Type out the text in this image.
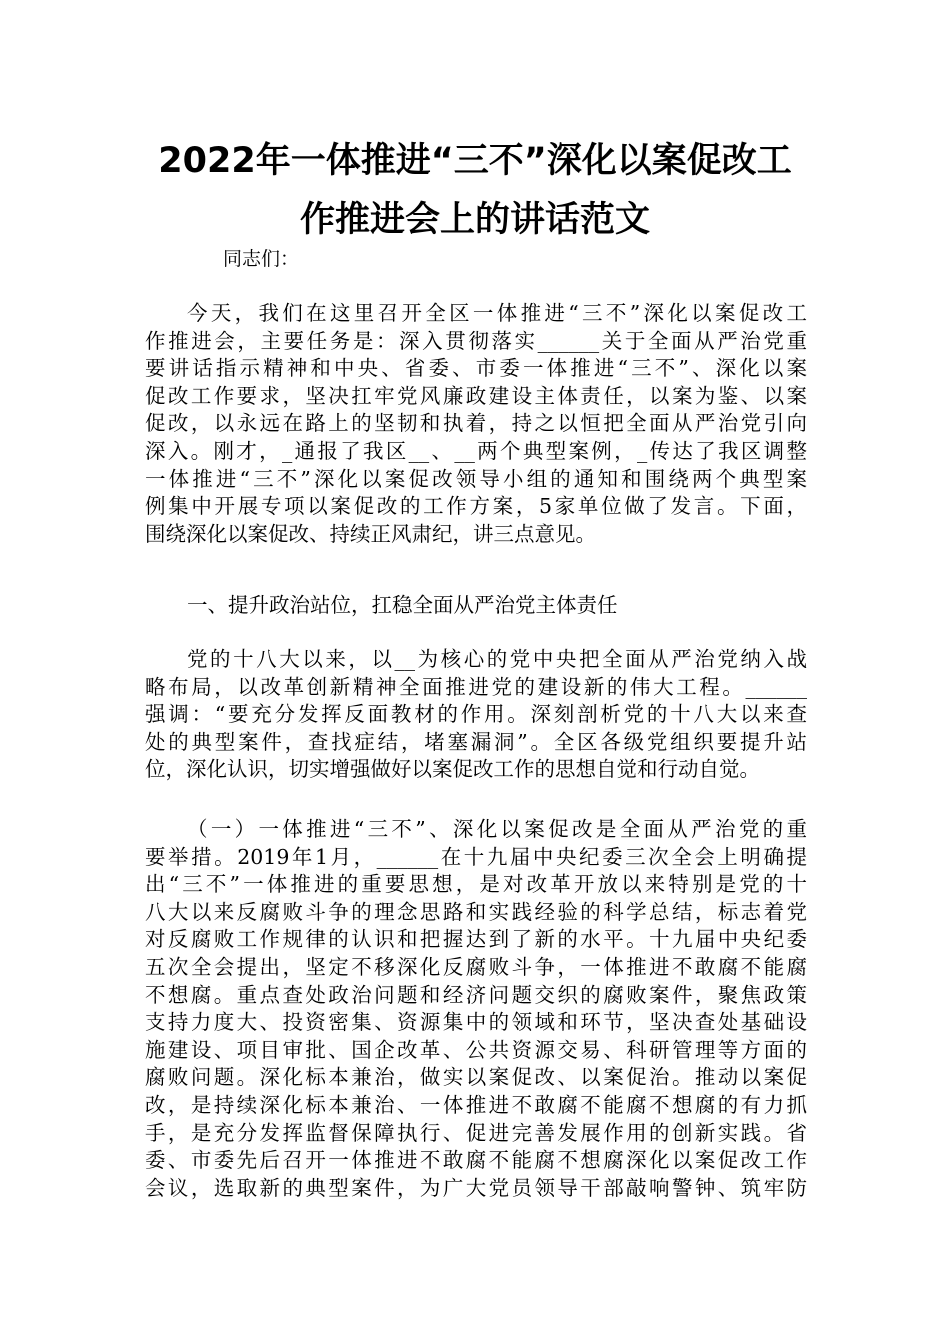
2022年一体推进“三不”深化以案促改工
作推进会上的讲话范文

同志们：

今天，我们在这里召开全区一体推进“三不”深化以案促改工
作推进会，主要任务是：深入贯彻落实______关于全面从严治党重
要讲话指示精神和中央、省委、市委一体推进“三不”、深化以案
促改工作要求，坚决扛牢党风廉政建设主体责任，以案为鉴、以案
促改，以永远在路上的坚韧和执着，持之以恒把全面从严治党引向
深入。刚才，_通报了我区__、__两个典型案例，_传达了我区调整
一体推进“三不”深化以案促改领导小组的通知和围绕两个典型案
例集中开展专项以案促改的工作方案，5家单位做了发言。下面，
围绕深化以案促改、持续正风肃纪，讲三点意见。

一、提升政治站位，扛稳全面从严治党主体责任

党的十八大以来，以__为核心的党中央把全面从严治党纳入战
略布局，以改革创新精神全面推进党的建设新的伟大工程。______
强调：“要充分发挥反面教材的作用。深刻剖析党的十八大以来查
处的典型案件，查找症结，堵塞漏洞”。全区各级党组织要提升站
位，深化认识，切实增强做好以案促改工作的思想自觉和行动自觉。
（一）一体推进“三不”、深化以案促改是全面从严治党的重
要举措。2019年1月，______在十九届中央纪委三次全会上明确提
出“三不”一体推进的重要思想，是对改革开放以来特别是党的十
八大以来反腐败斗争的理念思路和实践经验的科学总结，标志着党
对反腐败工作规律的认识和把握达到了新的水平。十九届中央纪委
五次全会提出，坚定不移深化反腐败斗争，一体推进不敢腐不能腐
不想腐。重点查处政治问题和经济问题交织的腐败案件，聚焦政策
支持力度大、投资密集、资源集中的领域和环节，坚决查处基础设
施建设、项目审批、国企改革、公共资源交易、科研管理等方面的
腐败问题。深化标本兼治，做实以案促改、以案促治。推动以案促
改，是持续深化标本兼治、一体推进不敢腐不能腐不想腐的有力抓
手，是充分发挥监督保障执行、促进完善发展作用的创新实践。省
委、市委先后召开一体推进不敢腐不能腐不想腐深化以案促改工作
会议，选取新的典型案件，为广大党员领导干部敲响警钟、筑牢防
